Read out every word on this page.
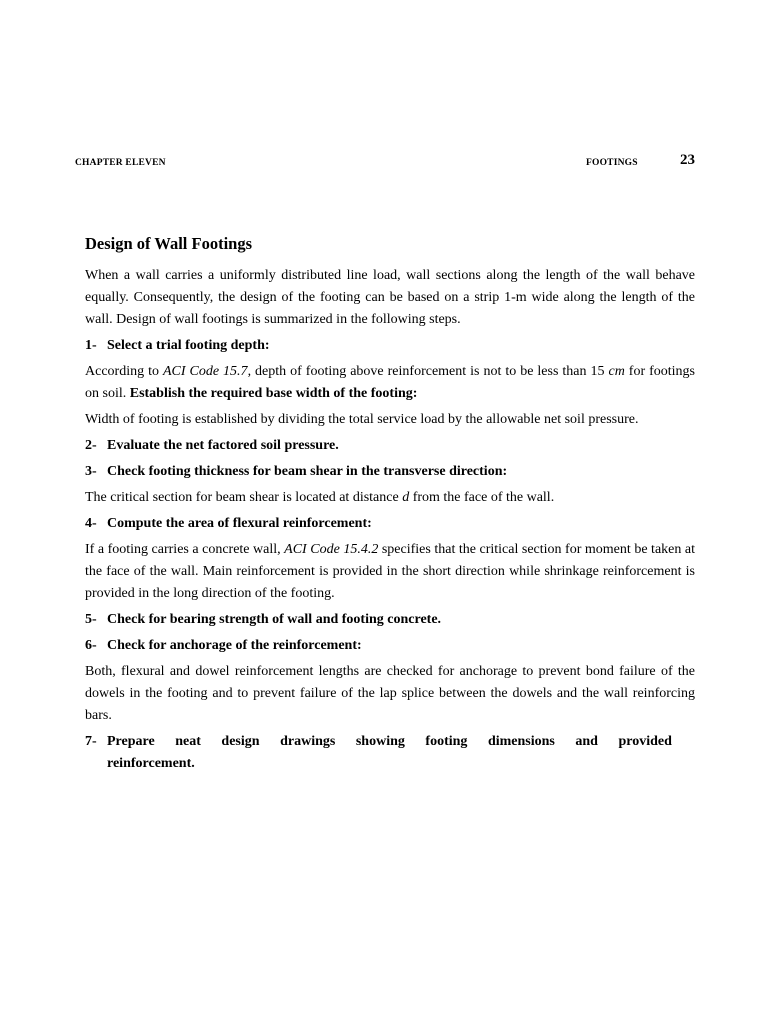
CHAPTER ELEVEN	FOOTINGS	23
Design of Wall Footings

When a wall carries a uniformly distributed line load, wall sections along the length of the wall behave equally. Consequently, the design of the footing can be based on a strip 1-m wide along the length of the wall. Design of wall footings is summarized in the following steps.

1- Select a trial footing depth:

According to ACI Code 15.7, depth of footing above reinforcement is not to be less than 15 cm for footings on soil. Establish the required base width of the footing:

Width of footing is established by dividing the total service load by the allowable net soil pressure.

2- Evaluate the net factored soil pressure.
3- Check footing thickness for beam shear in the transverse direction:

The critical section for beam shear is located at distance d from the face of the wall.

4- Compute the area of flexural reinforcement:

If a footing carries a concrete wall, ACI Code 15.4.2 specifies that the critical section for moment be taken at the face of the wall. Main reinforcement is provided in the short direction while shrinkage reinforcement is provided in the long direction of the footing.

5- Check for bearing strength of wall and footing concrete.
6- Check for anchorage of the reinforcement:

Both, flexural and dowel reinforcement lengths are checked for anchorage to prevent bond failure of the dowels in the footing and to prevent failure of the lap splice between the dowels and the wall reinforcing bars.

7- Prepare neat design drawings showing footing dimensions and provided
reinforcement.
